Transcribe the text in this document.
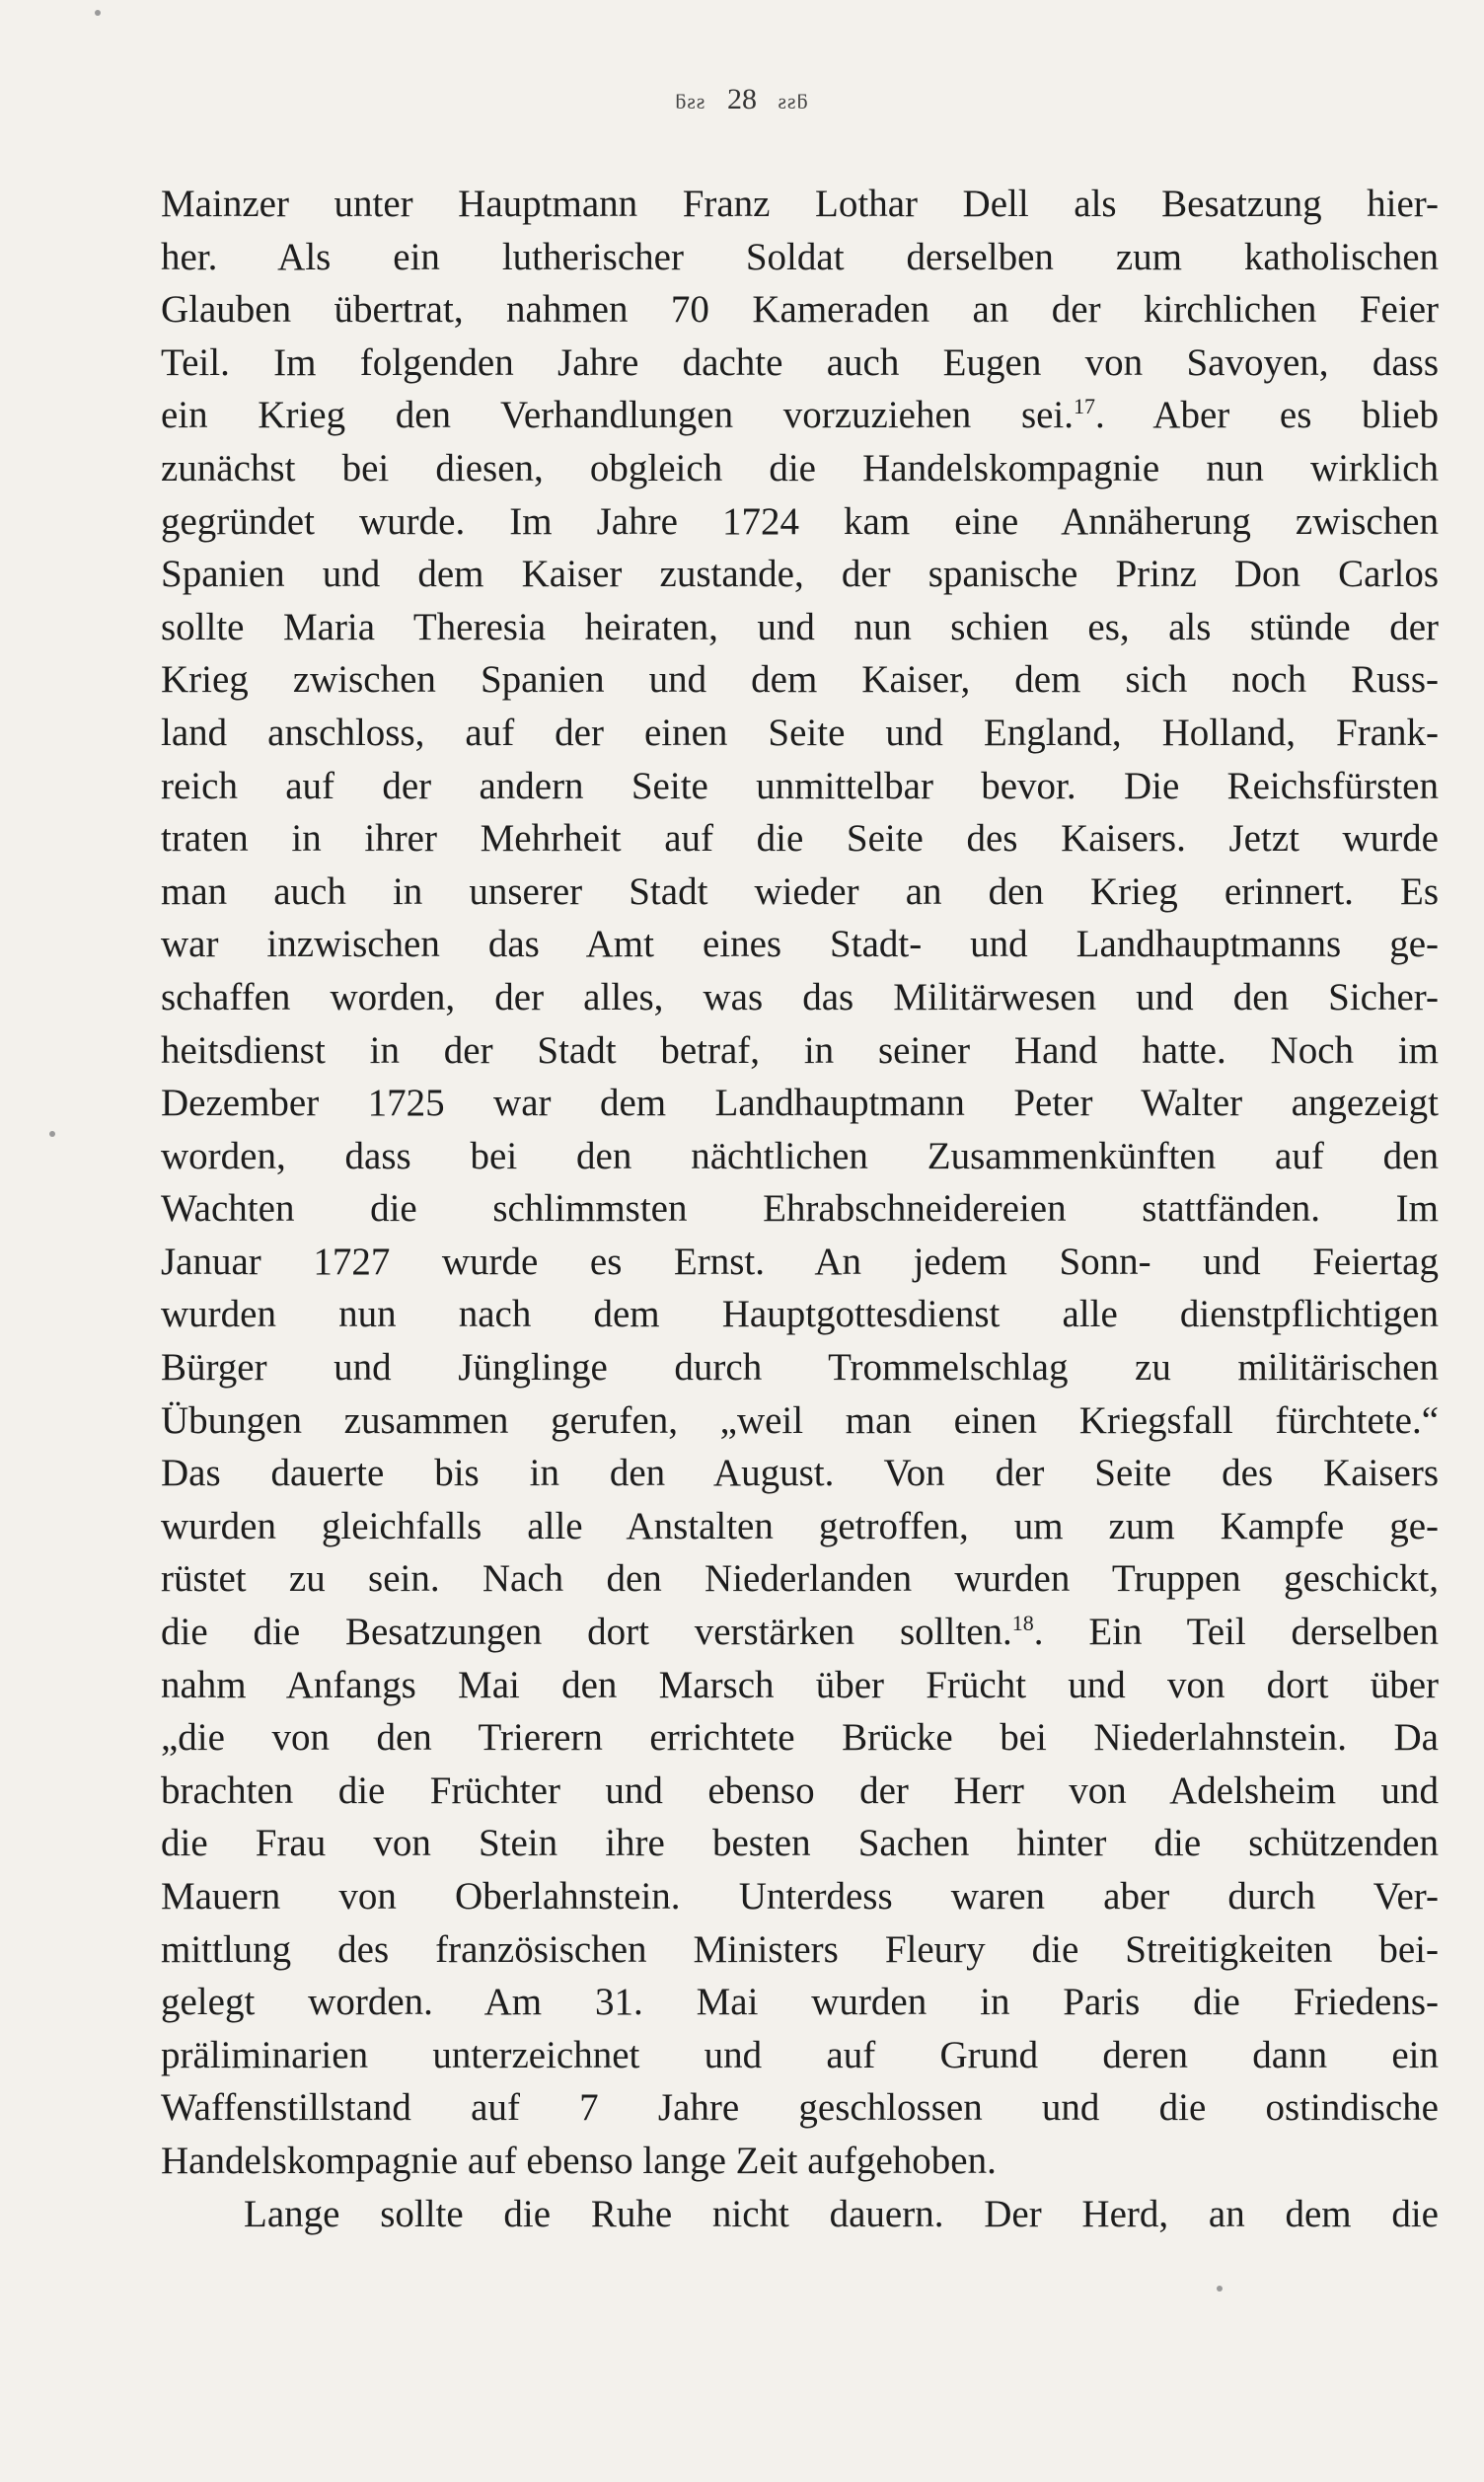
ƃƨƨ 28 ƨƨƃ
Mainzer unter Hauptmann Franz Lothar Dell als Besatzung hier-
her. Als ein lutherischer Soldat derselben zum katholischen
Glauben übertrat, nahmen 70 Kameraden an der kirchlichen Feier
Teil. Im folgenden Jahre dachte auch Eugen von Savoyen, dass
ein Krieg den Verhandlungen vorzuziehen sei.$^{17}$. Aber es blieb
zunächst bei diesen, obgleich die Handelskompagnie nun wirklich
gegründet wurde. Im Jahre 1724 kam eine Annäherung zwischen
Spanien und dem Kaiser zustande, der spanische Prinz Don Carlos
sollte Maria Theresia heiraten, und nun schien es, als stünde der
Krieg zwischen Spanien und dem Kaiser, dem sich noch Russ-
land anschloss, auf der einen Seite und England, Holland, Frank-
reich auf der andern Seite unmittelbar bevor. Die Reichsfürsten
traten in ihrer Mehrheit auf die Seite des Kaisers. Jetzt wurde
man auch in unserer Stadt wieder an den Krieg erinnert. Es
war inzwischen das Amt eines Stadt- und Landhauptmanns ge-
schaffen worden, der alles, was das Militärwesen und den Sicher-
heitsdienst in der Stadt betraf, in seiner Hand hatte. Noch im
Dezember 1725 war dem Landhauptmann Peter Walter angezeigt
worden, dass bei den nächtlichen Zusammenkünften auf den
Wachten die schlimmsten Ehrabschneidereien stattfänden. Im
Januar 1727 wurde es Ernst. An jedem Sonn- und Feiertag
wurden nun nach dem Hauptgottesdienst alle dienstpflichtigen
Bürger und Jünglinge durch Trommelschlag zu militärischen
Übungen zusammen gerufen, „weil man einen Kriegsfall fürchtete.“
Das dauerte bis in den August. Von der Seite des Kaisers
wurden gleichfalls alle Anstalten getroffen, um zum Kampfe ge-
rüstet zu sein. Nach den Niederlanden wurden Truppen geschickt,
die die Besatzungen dort verstärken sollten.$^{18}$. Ein Teil derselben
nahm Anfangs Mai den Marsch über Frücht und von dort über
„die von den Trierern errichtete Brücke bei Niederlahnstein. Da
brachten die Früchter und ebenso der Herr von Adelsheim und
die Frau von Stein ihre besten Sachen hinter die schützenden
Mauern von Oberlahnstein. Unterdess waren aber durch Ver-
mittlung des französischen Ministers Fleury die Streitigkeiten bei-
gelegt worden. Am 31. Mai wurden in Paris die Friedens-
präliminarien unterzeichnet und auf Grund deren dann ein
Waffenstillstand auf 7 Jahre geschlossen und die ostindische
Handelskompagnie auf ebenso lange Zeit aufgehoben.
Lange sollte die Ruhe nicht dauern. Der Herd, an dem die
